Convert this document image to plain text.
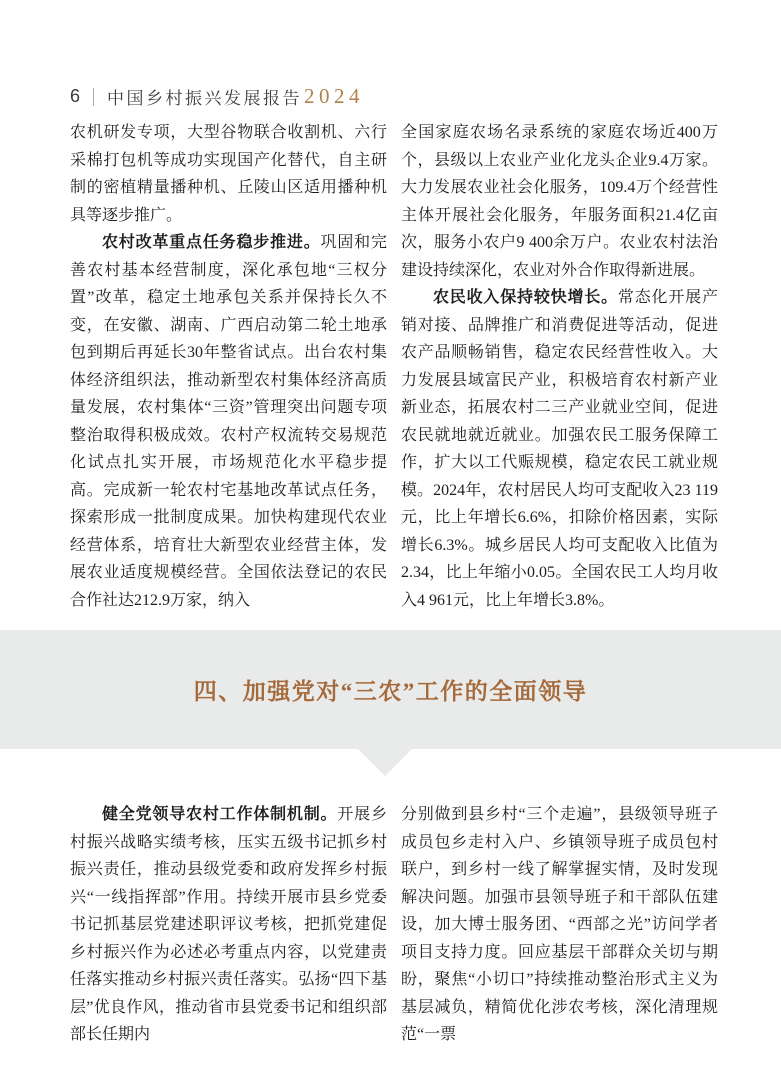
6 中国乡村振兴发展报告 2024

农机研发专项，大型谷物联合收割机、六行采棉打包机等成功实现国产化替代，自主研制的密植精量播种机、丘陵山区适用播种机具等逐步推广。

农村改革重点任务稳步推进。巩固和完善农村基本经营制度，深化承包地“三权分置”改革，稳定土地承包关系并保持长久不变，在安徽、湖南、广西启动第二轮土地承包到期后再延长30年整省试点。出台农村集体经济组织法，推动新型农村集体经济高质量发展，农村集体“三资”管理突出问题专项整治取得积极成效。农村产权流转交易规范化试点扎实开展，市场规范化水平稳步提高。完成新一轮农村宅基地改革试点任务，探索形成一批制度成果。加快构建现代农业经营体系，培育壮大新型农业经营主体，发展农业适度规模经营。全国依法登记的农民合作社达212.9万家，纳入

全国家庭农场名录系统的家庭农场近400万个，县级以上农业产业化龙头企业9.4万家。大力发展农业社会化服务，109.4万个经营性主体开展社会化服务，年服务面积21.4亿亩次，服务小农户9 400余万户。农业农村法治建设持续深化，农业对外合作取得新进展。

农民收入保持较快增长。常态化开展产销对接、品牌推广和消费促进等活动，促进农产品顺畅销售，稳定农民经营性收入。大力发展县域富民产业，积极培育农村新产业新业态，拓展农村二三产业就业空间，促进农民就地就近就业。加强农民工服务保障工作，扩大以工代赈规模，稳定农民工就业规模。2024年，农村居民人均可支配收入23 119元，比上年增长6.6%，扣除价格因素，实际增长6.3%。城乡居民人均可支配收入比值为2.34，比上年缩小0.05。全国农民工人均月收入4 961元，比上年增长3.8%。

四、加强党对“三农”工作的全面领导

健全党领导农村工作体制机制。开展乡村振兴战略实绩考核，压实五级书记抓乡村振兴责任，推动县级党委和政府发挥乡村振兴“一线指挥部”作用。持续开展市县乡党委书记抓基层党建述职评议考核，把抓党建促乡村振兴作为必述必考重点内容，以党建责任落实推动乡村振兴责任落实。弘扬“四下基层”优良作风，推动省市县党委书记和组织部部长任期内

分别做到县乡村“三个走遍”，县级领导班子成员包乡走村入户、乡镇领导班子成员包村联户，到乡村一线了解掌握实情，及时发现解决问题。加强市县领导班子和干部队伍建设，加大博士服务团、“西部之光”访问学者项目支持力度。回应基层干部群众关切与期盼，聚焦“小切口”持续推动整治形式主义为基层减负，精简优化涉农考核，深化清理规范“一票
